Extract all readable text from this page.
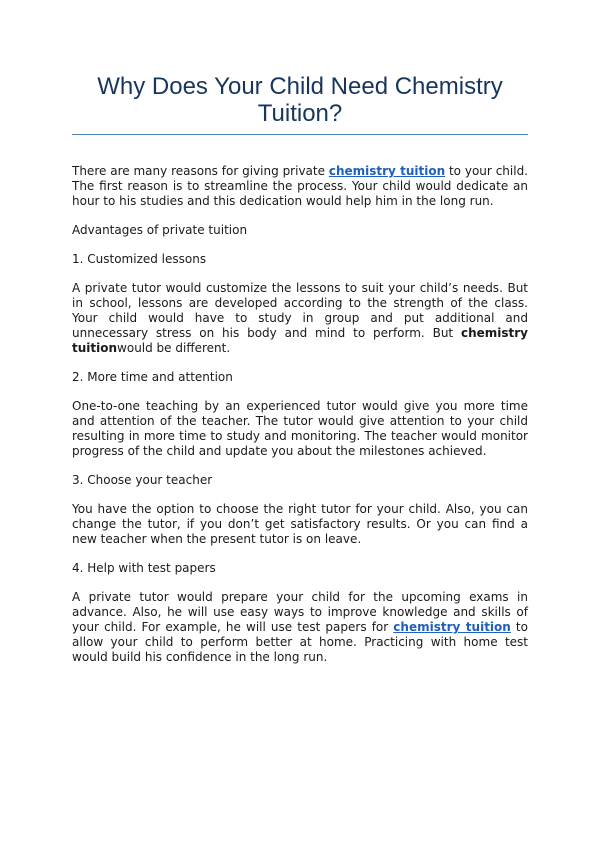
Why Does Your Child Need Chemistry Tuition?

There are many reasons for giving private chemistry tuition to your child. The first reason is to streamline the process. Your child would dedicate an hour to his studies and this dedication would help him in the long run.

Advantages of private tuition

1. Customized lessons

A private tutor would customize the lessons to suit your child’s needs. But in school, lessons are developed according to the strength of the class. Your child would have to study in group and put additional and unnecessary stress on his body and mind to perform. But chemistry tuitionwould be different.

2. More time and attention

One-to-one teaching by an experienced tutor would give you more time and attention of the teacher. The tutor would give attention to your child resulting in more time to study and monitoring. The teacher would monitor progress of the child and update you about the milestones achieved.

3. Choose your teacher

You have the option to choose the right tutor for your child. Also, you can change the tutor, if you don’t get satisfactory results. Or you can find a new teacher when the present tutor is on leave.

4. Help with test papers

A private tutor would prepare your child for the upcoming exams in advance. Also, he will use easy ways to improve knowledge and skills of your child. For example, he will use test papers for chemistry tuition to allow your child to perform better at home. Practicing with home test would build his confidence in the long run.
